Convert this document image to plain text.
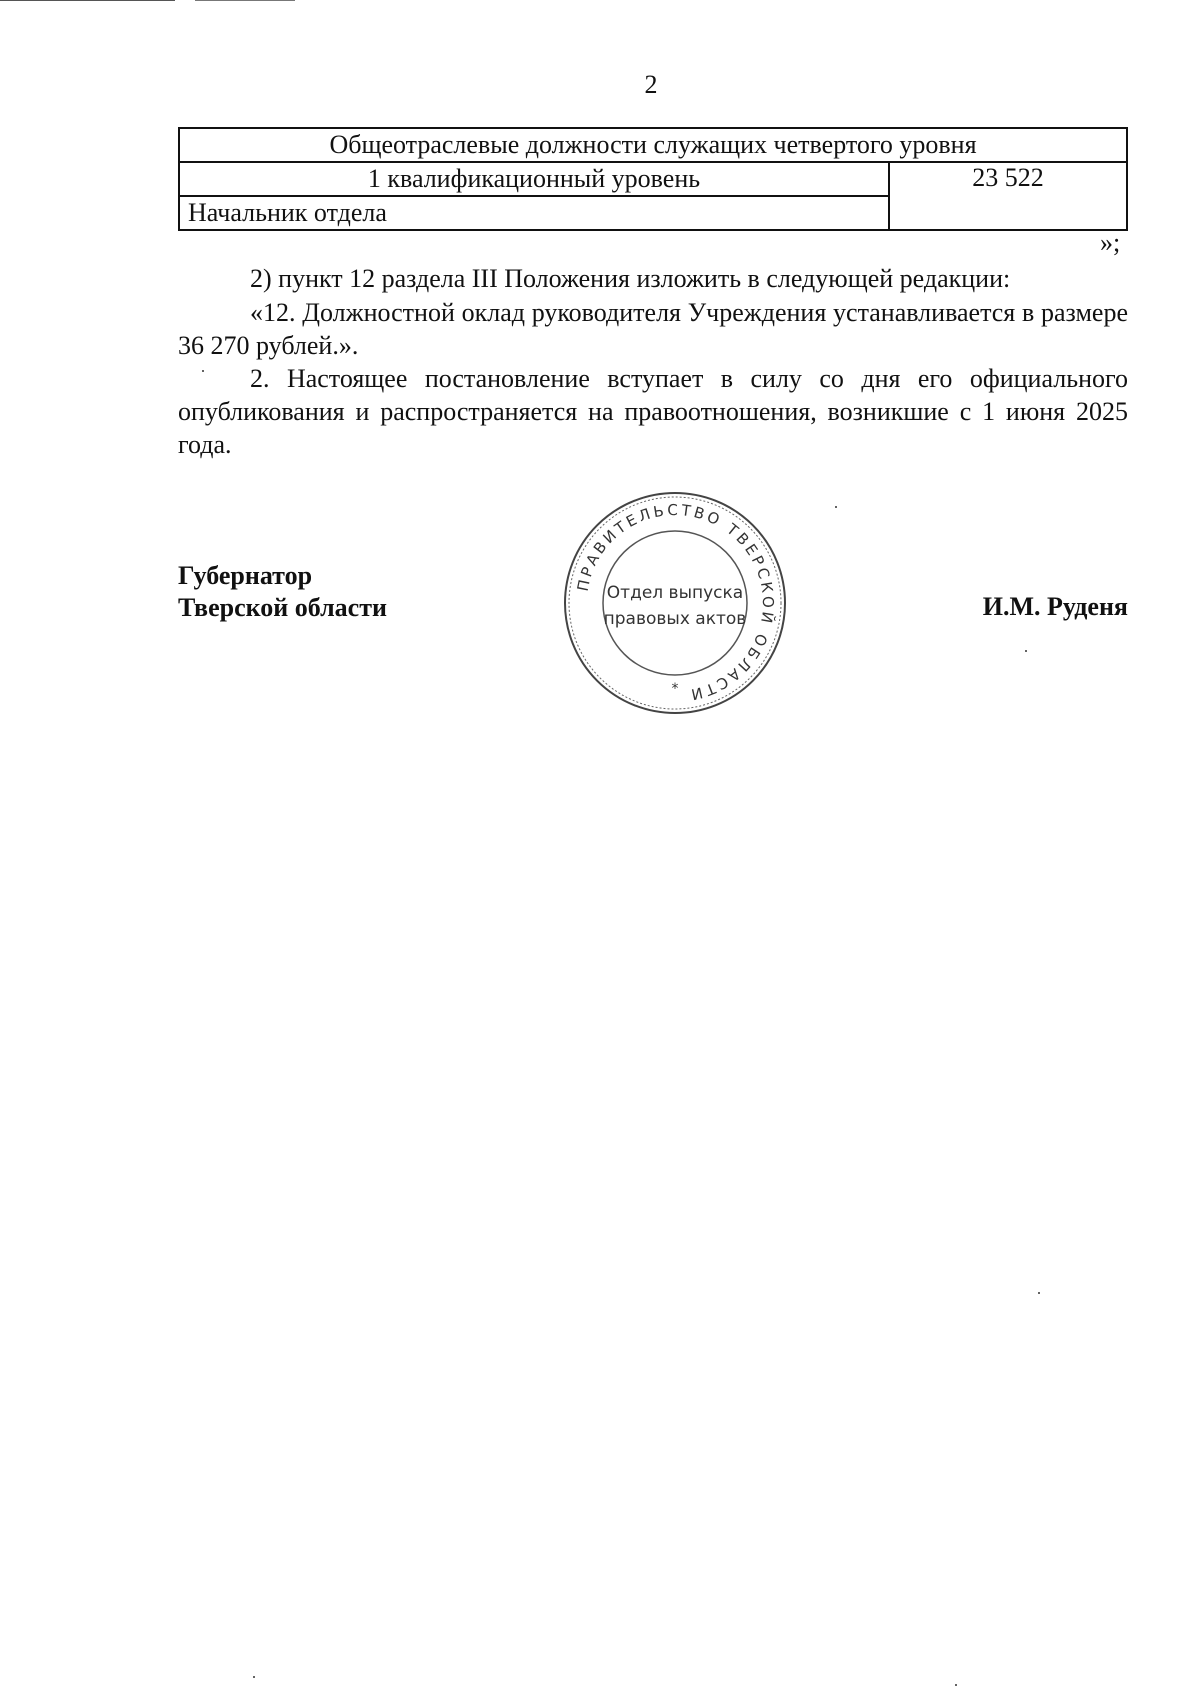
2
Общеотраслевые должности служащих четвертого уровня
1 квалификационный уровень	23 522
Начальник отдела
»;
2) пункт 12 раздела III Положения изложить в следующей редакции:
«12. Должностной оклад руководителя Учреждения устанавливается в размере 36 270 рублей.».
2. Настоящее постановление вступает в силу со дня его официального опубликования и распространяется на правоотношения, возникшие с 1 июня 2025 года.
Губернатор
Тверской области	И.М. Руденя
ПРАВИТЕЛЬСТВО ТВЕРСКОЙ ОБЛАСТИ
Отдел выпуска
правовых актов
*
